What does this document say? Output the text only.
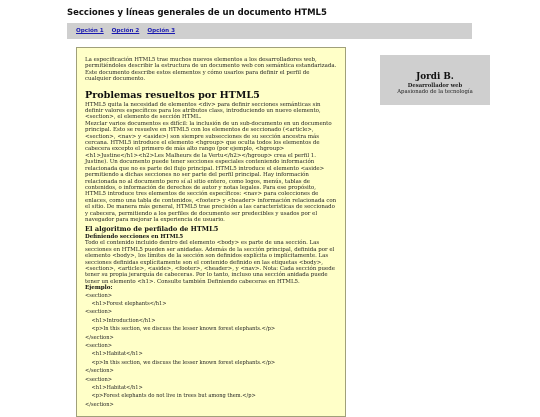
Secciones y líneas generales de un documento HTML5
Opción 1 Opción 2 Opción 3

La especificación HTML5 trae muchos nuevos elementos a los desarrolladores web, permitiéndoles describir la estructura de un documento web con semántica estandarizada. Este documento describe estos elementos y cómo usarlos para definir el perfil de cualquier documento.

Problemas resueltos por HTML5

HTML5 quita la necesidad de elementos <div> para definir secciones semánticas sin definir valores específicos para los atributos class, introduciendo un nuevo elemento, <section>, el elemento de sección HTML.

Mezclar varios documentos es difícil: la inclusión de un sub-documento en un documento principal. Esto se resuelve en HTML5 con los elementos de seccionado (<article>, <section>, <nav> y <aside>) son siempre subsecciones de su sección ancestra más cercana. HTML5 introduce el elemento <hgroup> que oculta todos los elementos de cabecera excepto el primero de más alto rango (por ejemplo, <hgroup><h1>Justine</h1><h2>Les Malheurs de la Vertu</h2></hgroup> crea el perfil 1. Justine). Un documento puede tener secciones especiales conteniendo información relacionada que no es parte del flujo principal. HTML5 introduce el elemento <aside> permitiendo a dichas secciones no ser parte del perfil principal. Hay información relacionada no al documento pero sí al sitio entero, como logos, menús, tablas de contenidos, o información de derechos de autor y notas legales. Para ese propósito, HTML5 introduce tres elementos de sección específicos: <nav> para colecciones de enlaces, como una tabla de contenidos, <footer> y <header> información relacionada con el sitio. De manera más general, HTML5 trae precisión a las características de seccionado y cabecera, permitiendo a los perfiles de documento ser predecibles y usados por el navegador para mejorar la experiencia de usuario.

El algoritmo de perfilado de HTML5
Definiendo secciones en HTML5

Todo el contenido incluido dentro del elemento <body> es parte de una sección. Las secciones en HTML5 pueden ser anidadas. Además de la sección principal, definida por el elemento <body>, los límites de la sección son definidos explícita o implícitamente. Las secciones definidas explícitamente son el contenido definido en las etiquetas <body>, <section>, <article>, <aside>, <footer>, <header>, y <nav>. Nota: Cada sección puede tener su propia jerarquía de cabeceras. Por lo tanto, incluso una sección anidada puede tener un elemento <h1>. Consulte también Definiendo cabeceras en HTML5.

Ejemplo:
<section>
<h1>Forest elephants</h1>
<section>
<h1>Introduction</h1>
<p>In this section, we discuss the lesser known forest elephants.</p>
</section>
<section>
<h1>Habitat</h1>
<p>In this section, we discuss the lesser known forest elephants.</p>
</section>
<section>
<h1>Habitat</h1>
<p>Forest elephants do not live in trees but among them.</p>
</section>
Jordi B.
Desarrollador web
Apasionado de la tecnología
